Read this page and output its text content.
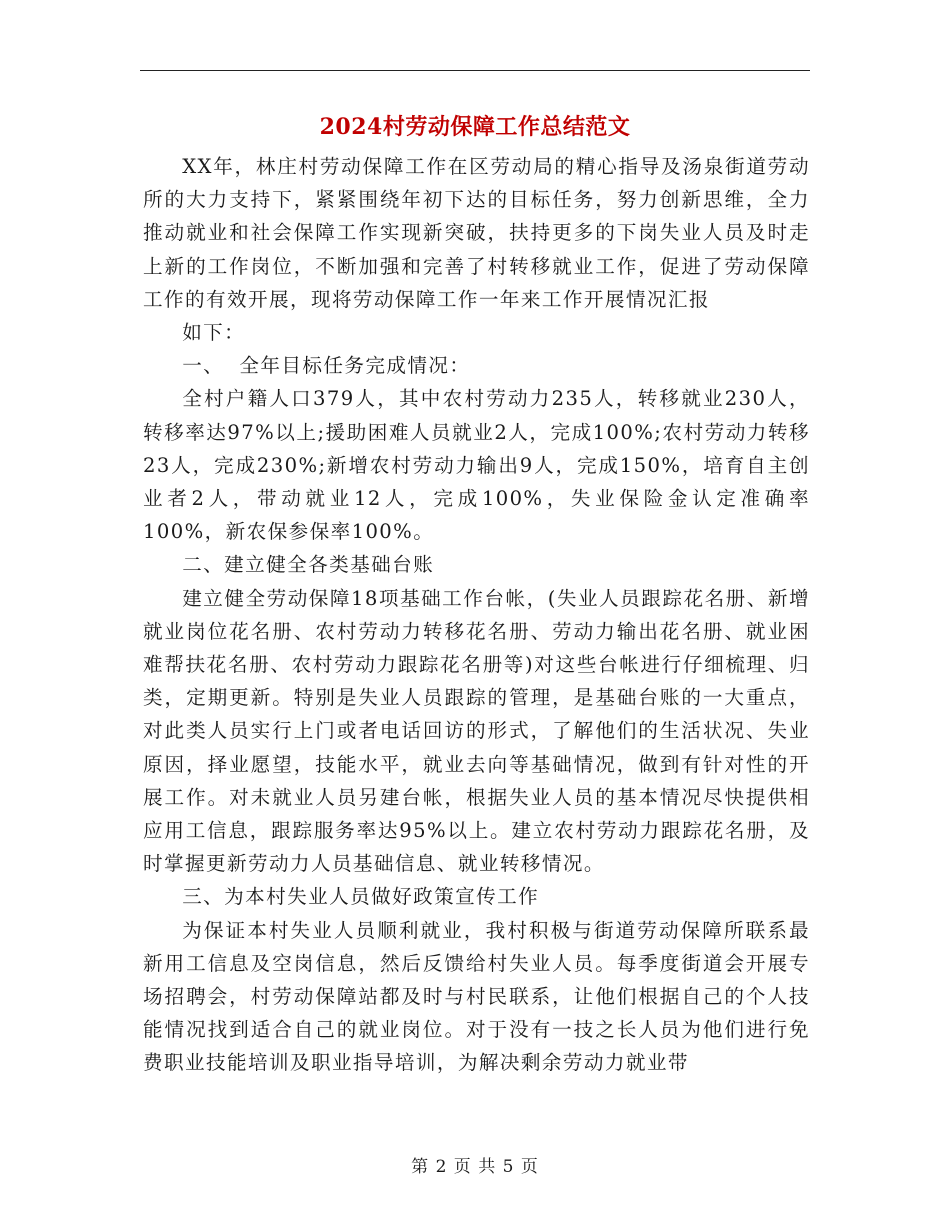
2024村劳动保障工作总结范文

XX年，林庄村劳动保障工作在区劳动局的精心指导及汤泉街道劳动所的大力支持下，紧紧围绕年初下达的目标任务，努力创新思维，全力推动就业和社会保障工作实现新突破，扶持更多的下岗失业人员及时走上新的工作岗位，不断加强和完善了村转移就业工作，促进了劳动保障工作的有效开展，现将劳动保障工作一年来工作开展情况汇报

如下：

一、  全年目标任务完成情况：

全村户籍人口379人，其中农村劳动力235人，转移就业230人，转移率达97%以上;援助困难人员就业2人，完成100%;农村劳动力转移23人，完成230%;新增农村劳动力输出9人，完成150%，培育自主创业者2人，带动就业12人，完成100%，失业保险金认定准确率100%，新农保参保率100%。

二、建立健全各类基础台账

建立健全劳动保障18项基础工作台帐，(失业人员跟踪花名册、新增就业岗位花名册、农村劳动力转移花名册、劳动力输出花名册、就业困难帮扶花名册、农村劳动力跟踪花名册等)对这些台帐进行仔细梳理、归类，定期更新。特别是失业人员跟踪的管理，是基础台账的一大重点，对此类人员实行上门或者电话回访的形式，了解他们的生活状况、失业原因，择业愿望，技能水平，就业去向等基础情况，做到有针对性的开展工作。对未就业人员另建台帐，根据失业人员的基本情况尽快提供相应用工信息，跟踪服务率达95%以上。建立农村劳动力跟踪花名册，及时掌握更新劳动力人员基础信息、就业转移情况。

三、为本村失业人员做好政策宣传工作

为保证本村失业人员顺利就业，我村积极与街道劳动保障所联系最新用工信息及空岗信息，然后反馈给村失业人员。每季度街道会开展专场招聘会，村劳动保障站都及时与村民联系，让他们根据自己的个人技能情况找到适合自己的就业岗位。对于没有一技之长人员为他们进行免费职业技能培训及职业指导培训，为解决剩余劳动力就业带

第 2 页 共 5 页
